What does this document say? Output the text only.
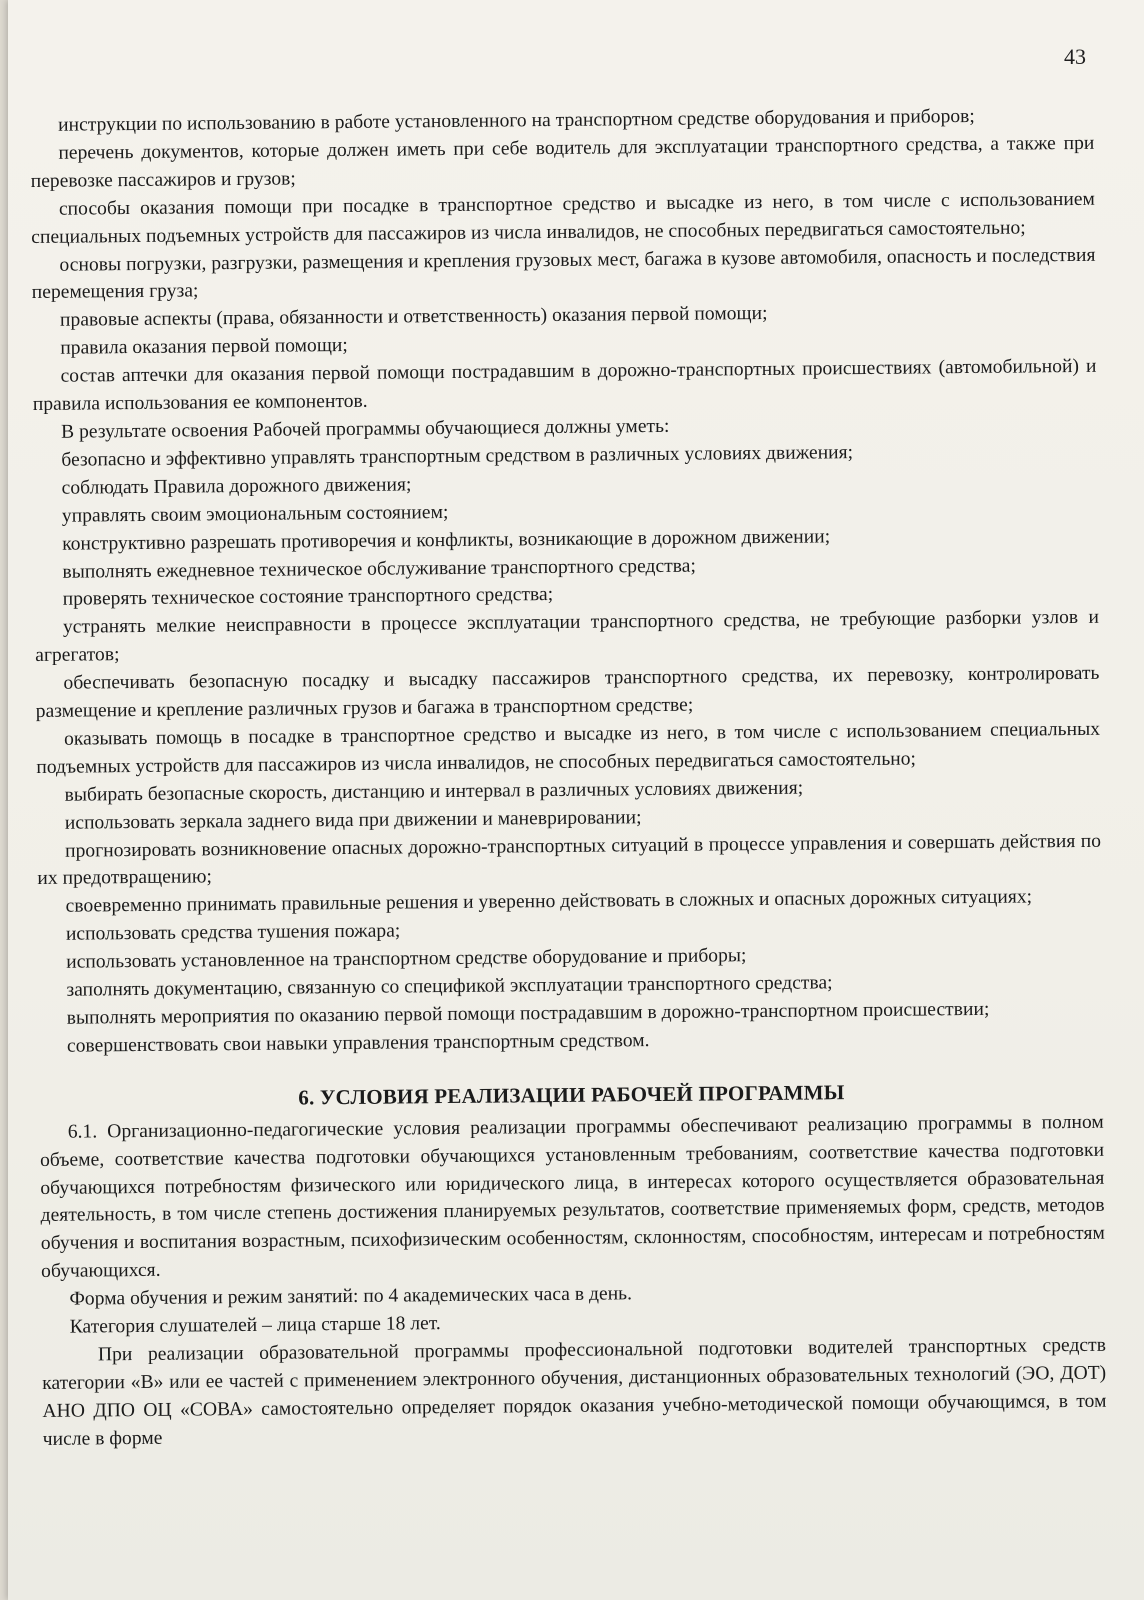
43

инструкции по использованию в работе установленного на транспортном средстве оборудования и приборов;

перечень документов, которые должен иметь при себе водитель для эксплуатации транспортного средства, а также при перевозке пассажиров и грузов;

способы оказания помощи при посадке в транспортное средство и высадке из него, в том числе с использованием специальных подъемных устройств для пассажиров из числа инвалидов, не способных передвигаться самостоятельно;

основы погрузки, разгрузки, размещения и крепления грузовых мест, багажа в кузове автомобиля, опасность и последствия перемещения груза;

правовые аспекты (права, обязанности и ответственность) оказания первой помощи;

правила оказания первой помощи;

состав аптечки для оказания первой помощи пострадавшим в дорожно-транспортных происшествиях (автомобильной) и правила использования ее компонентов.

В результате освоения Рабочей программы обучающиеся должны уметь:

безопасно и эффективно управлять транспортным средством в различных условиях движения;

соблюдать Правила дорожного движения;

управлять своим эмоциональным состоянием;

конструктивно разрешать противоречия и конфликты, возникающие в дорожном движении;

выполнять ежедневное техническое обслуживание транспортного средства;

проверять техническое состояние транспортного средства;

устранять мелкие неисправности в процессе эксплуатации транспортного средства, не требующие разборки узлов и агрегатов;

обеспечивать безопасную посадку и высадку пассажиров транспортного средства, их перевозку, контролировать размещение и крепление различных грузов и багажа в транспортном средстве;

оказывать помощь в посадке в транспортное средство и высадке из него, в том числе с использованием специальных подъемных устройств для пассажиров из числа инвалидов, не способных передвигаться самостоятельно;

выбирать безопасные скорость, дистанцию и интервал в различных условиях движения;

использовать зеркала заднего вида при движении и маневрировании;

прогнозировать возникновение опасных дорожно-транспортных ситуаций в процессе управления и совершать действия по их предотвращению;

своевременно принимать правильные решения и уверенно действовать в сложных и опасных дорожных ситуациях;

использовать средства тушения пожара;

использовать установленное на транспортном средстве оборудование и приборы;

заполнять документацию, связанную со спецификой эксплуатации транспортного средства;

выполнять мероприятия по оказанию первой помощи пострадавшим в дорожно-транспортном происшествии;

совершенствовать свои навыки управления транспортным средством.

6. УСЛОВИЯ РЕАЛИЗАЦИИ РАБОЧЕЙ ПРОГРАММЫ

6.1. Организационно-педагогические условия реализации программы обеспечивают реализацию программы в полном объеме, соответствие качества подготовки обучающихся установленным требованиям, соответствие качества подготовки обучающихся потребностям физического или юридического лица, в интересах которого осуществляется образовательная деятельность, в том числе степень достижения планируемых результатов, соответствие применяемых форм, средств, методов обучения и воспитания возрастным, психофизическим особенностям, склонностям, способностям, интересам и потребностям обучающихся.

Форма обучения и режим занятий: по 4 академических часа в день.

Категория слушателей – лица старше 18 лет.

При реализации образовательной программы профессиональной подготовки водителей транспортных средств категории «В» или ее частей с применением электронного обучения, дистанционных образовательных технологий (ЭО, ДОТ) АНО ДПО ОЦ «СОВА» самостоятельно определяет порядок оказания учебно-методической помощи обучающимся, в том числе в форме
